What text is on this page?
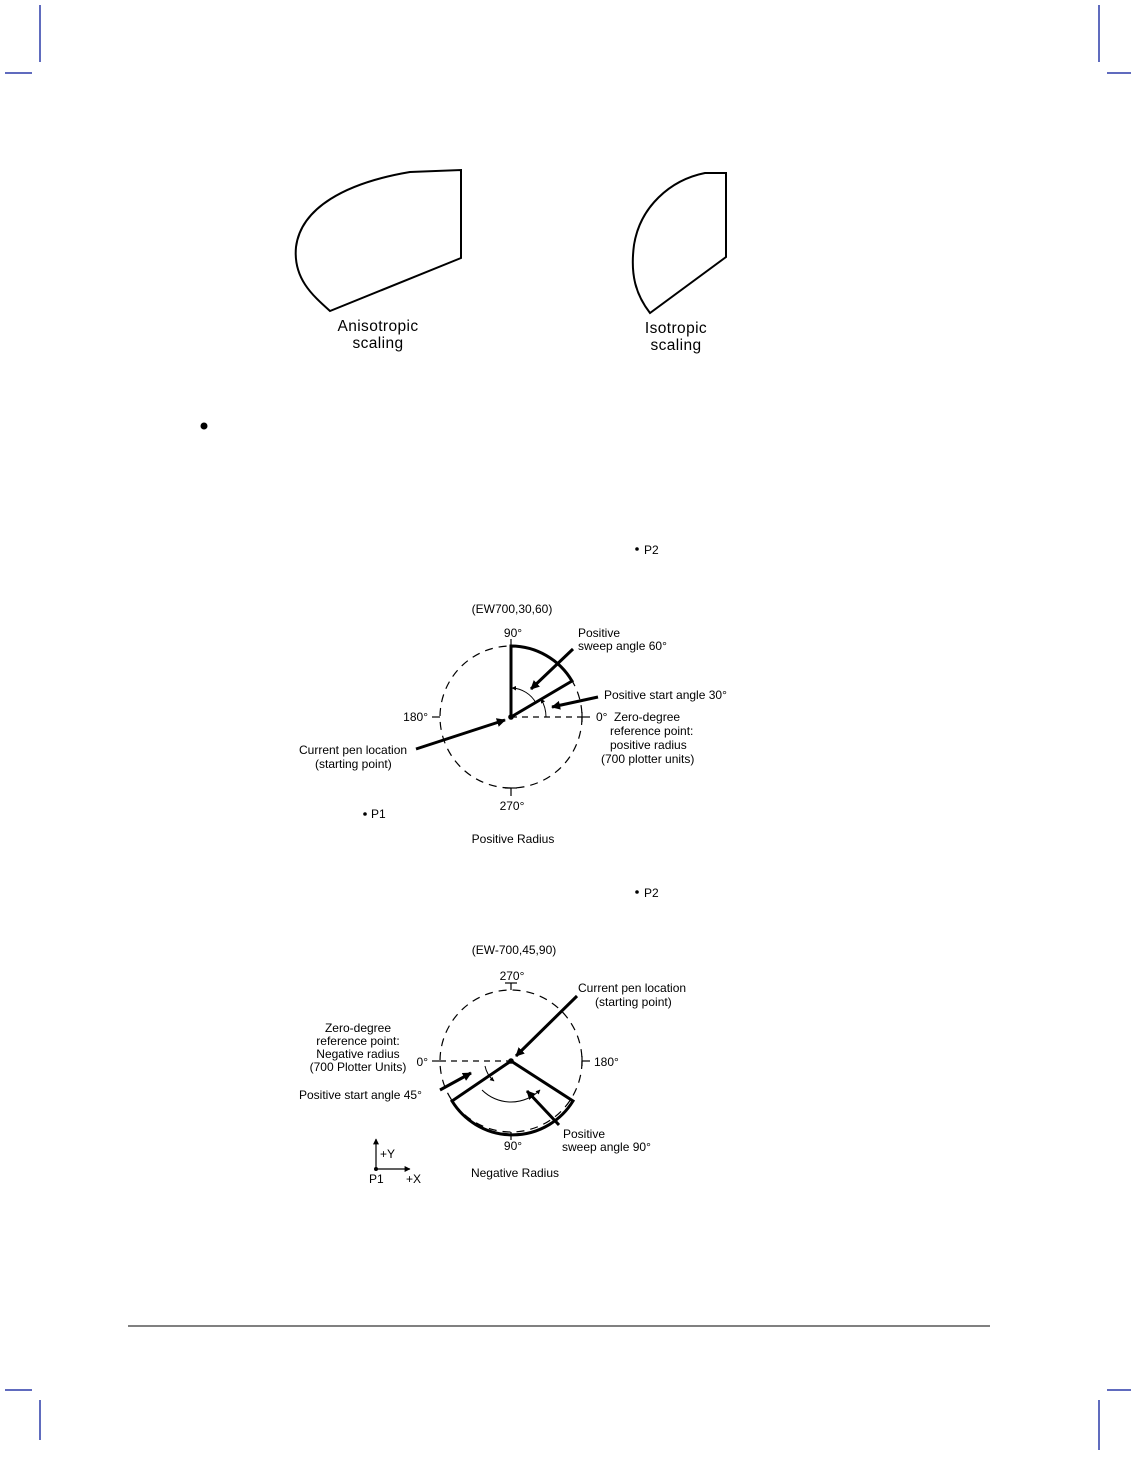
Anisotropic
scaling
Isotropic
scaling
P2
(EW700,30,60)
90°
180°	0°
270°
Positive
sweep angle 60°
Positive start angle 30°
Zero-degree
reference point:
positive radius
(700 plotter units)
Current pen location
(starting point)
P1
Positive Radius
P2
(EW-700,45,90)
270°
0°	180°
90°
Current pen location
(starting point)
Zero-degree
reference point:
Negative radius
(700 Plotter Units)
Positive start angle 45°
Positive
sweep angle 90°
+Y
+X
P1	Negative Radius
